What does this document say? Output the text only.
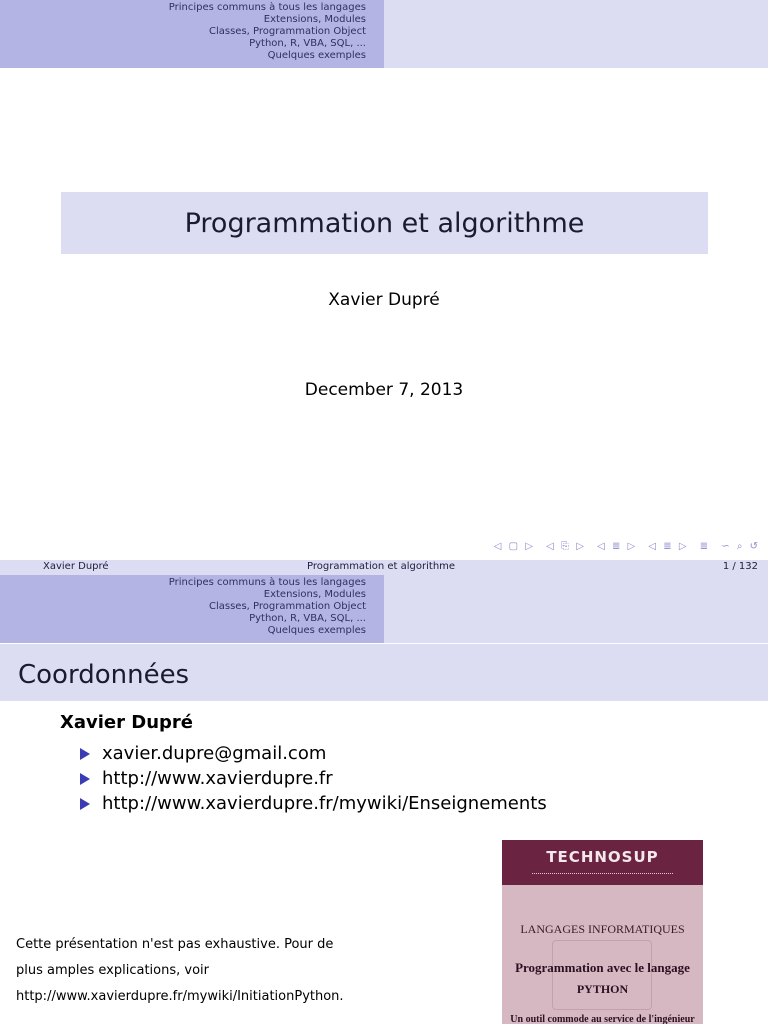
Principes communs à tous les langages
Extensions, Modules
Classes, Programmation Object
Python, R, VBA, SQL, ...
Quelques exemples
Programmation et algorithme
Xavier Dupré
December 7, 2013
◁ ▢ ▷ ◁ ⎘ ▷ ◁ ≣ ▷ ◁ ≣ ▷ ≣ ∽ ⌕ ↺
Xavier Dupré	Programmation et algorithme	1 / 132
Principes communs à tous les langages
Extensions, Modules
Classes, Programmation Object
Python, R, VBA, SQL, ...
Quelques exemples
Coordonnées
Xavier Dupré
xavier.dupre@gmail.com
http://www.xavierdupre.fr
http://www.xavierdupre.fr/mywiki/Enseignements
Cette présentation n'est pas exhaustive. Pour de
plus amples explications, voir
http://www.xavierdupre.fr/mywiki/InitiationPython.
TECHNOSUP
LANGAGES INFORMATIQUES
Programmation avec le langage
PYTHON
Un outil commode au service de l'ingénieur
